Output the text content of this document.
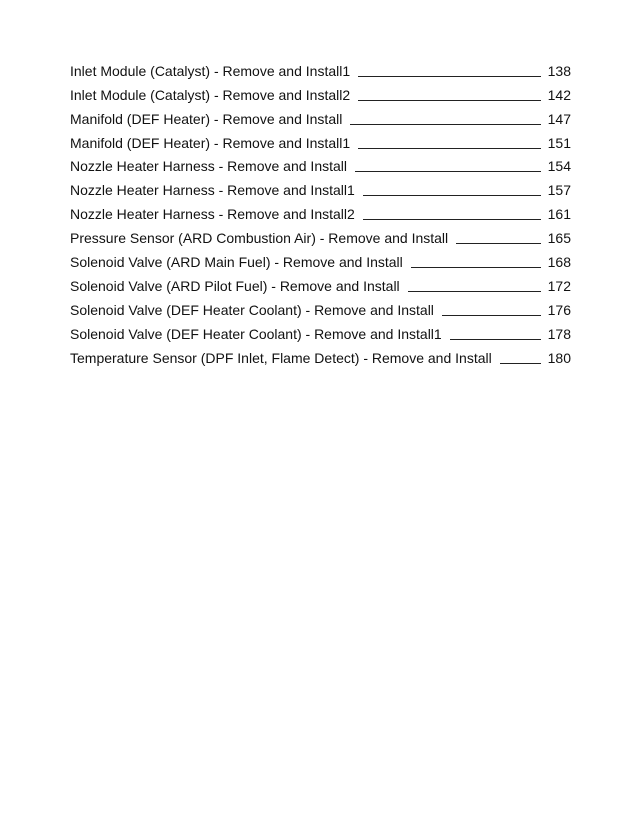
Inlet Module (Catalyst) - Remove and Install1	138
Inlet Module (Catalyst) - Remove and Install2	142
Manifold (DEF Heater) - Remove and Install	147
Manifold (DEF Heater) - Remove and Install1	151
Nozzle Heater Harness - Remove and Install	154
Nozzle Heater Harness - Remove and Install1	157
Nozzle Heater Harness - Remove and Install2	161
Pressure Sensor (ARD Combustion Air) - Remove and Install	165
Solenoid Valve (ARD Main Fuel) - Remove and Install	168
Solenoid Valve (ARD Pilot Fuel) - Remove and Install	172
Solenoid Valve (DEF Heater Coolant) - Remove and Install	176
Solenoid Valve (DEF Heater Coolant) - Remove and Install1	178
Temperature Sensor (DPF Inlet, Flame Detect) - Remove and Install	180
